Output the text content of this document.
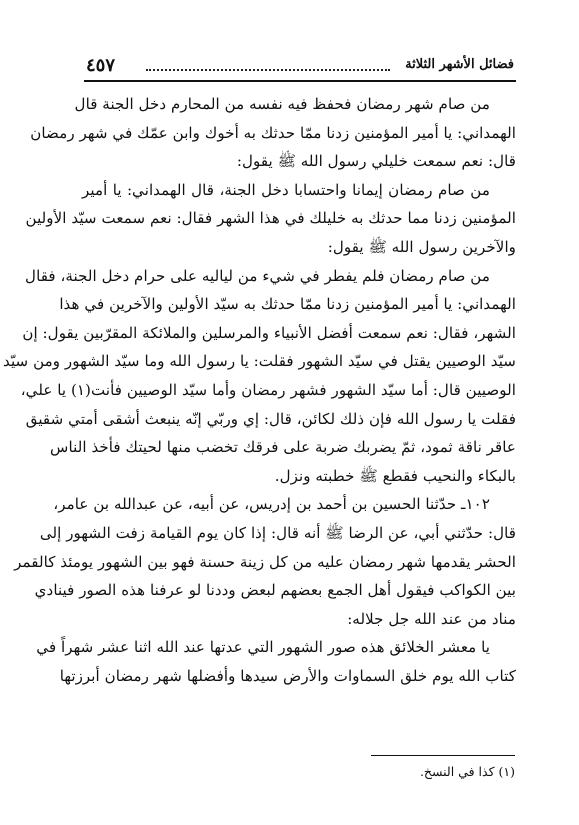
فضائل الأشهر الثلاثة
٤٥٧
من صام شهر رمضان فحفظ فيه نفسه من المحارم دخل الجنة قال
الهمداني: يا أمير المؤمنين زدنا ممّا حدثك به أخوك وابن عمّك في شهر رمضان
قال: نعم سمعت خليلي رسول الله ﷺ يقول:
من صام رمضان إيمانا واحتسابا دخل الجنة، قال الهمداني: يا أمير
المؤمنين زدنا مما حدثك به خليلك في هذا الشهر فقال: نعم سمعت سيّد الأولين
والآخرين رسول الله ﷺ يقول:
من صام رمضان فلم يفطر في شيء من لياليه على حرام دخل الجنة، فقال
الهمداني: يا أمير المؤمنين زدنا ممّا حدثك به سيّد الأولين والآخرين في هذا
الشهر، فقال: نعم سمعت أفضل الأنبياء والمرسلين والملائكة المقرّبين يقول: إن
سيّد الوصيين يقتل في سيّد الشهور فقلت: يا رسول الله وما سيّد الشهور ومن سيّد
الوصيين قال: أما سيّد الشهور فشهر رمضان وأما سيّد الوصيين فأنت(١) يا علي،
فقلت يا رسول الله فإن ذلك لكائن، قال: إي وربّي إنّه ينبعث أشقى أمتي شقيق
عاقر ناقة ثمود، ثمّ يضربك ضربة على فرقك تخضب منها لحيتك فأخذ الناس
بالبكاء والنحيب فقطع ﷺ خطبته ونزل.
١٠٢ـ حدّثنا الحسين بن أحمد بن إدريس، عن أبيه، عن عبدالله بن عامر،
قال: حدّثني أبي، عن الرضا ﷺ أنه قال: إذا كان يوم القيامة زفت الشهور إلى
الحشر يقدمها شهر رمضان عليه من كل زينة حسنة فهو بين الشهور يومئذ كالقمر
بين الكواكب فيقول أهل الجمع بعضهم لبعض وددنا لو عرفنا هذه الصور فينادي
مناد من عند الله جل جلاله:
يا معشر الخلائق هذه صور الشهور التي عدتها عند الله اثنا عشر شهراً في
كتاب الله يوم خلق السماوات والأرض سيدها وأفضلها شهر رمضان أبرزتها
(١) كذا في النسخ.
